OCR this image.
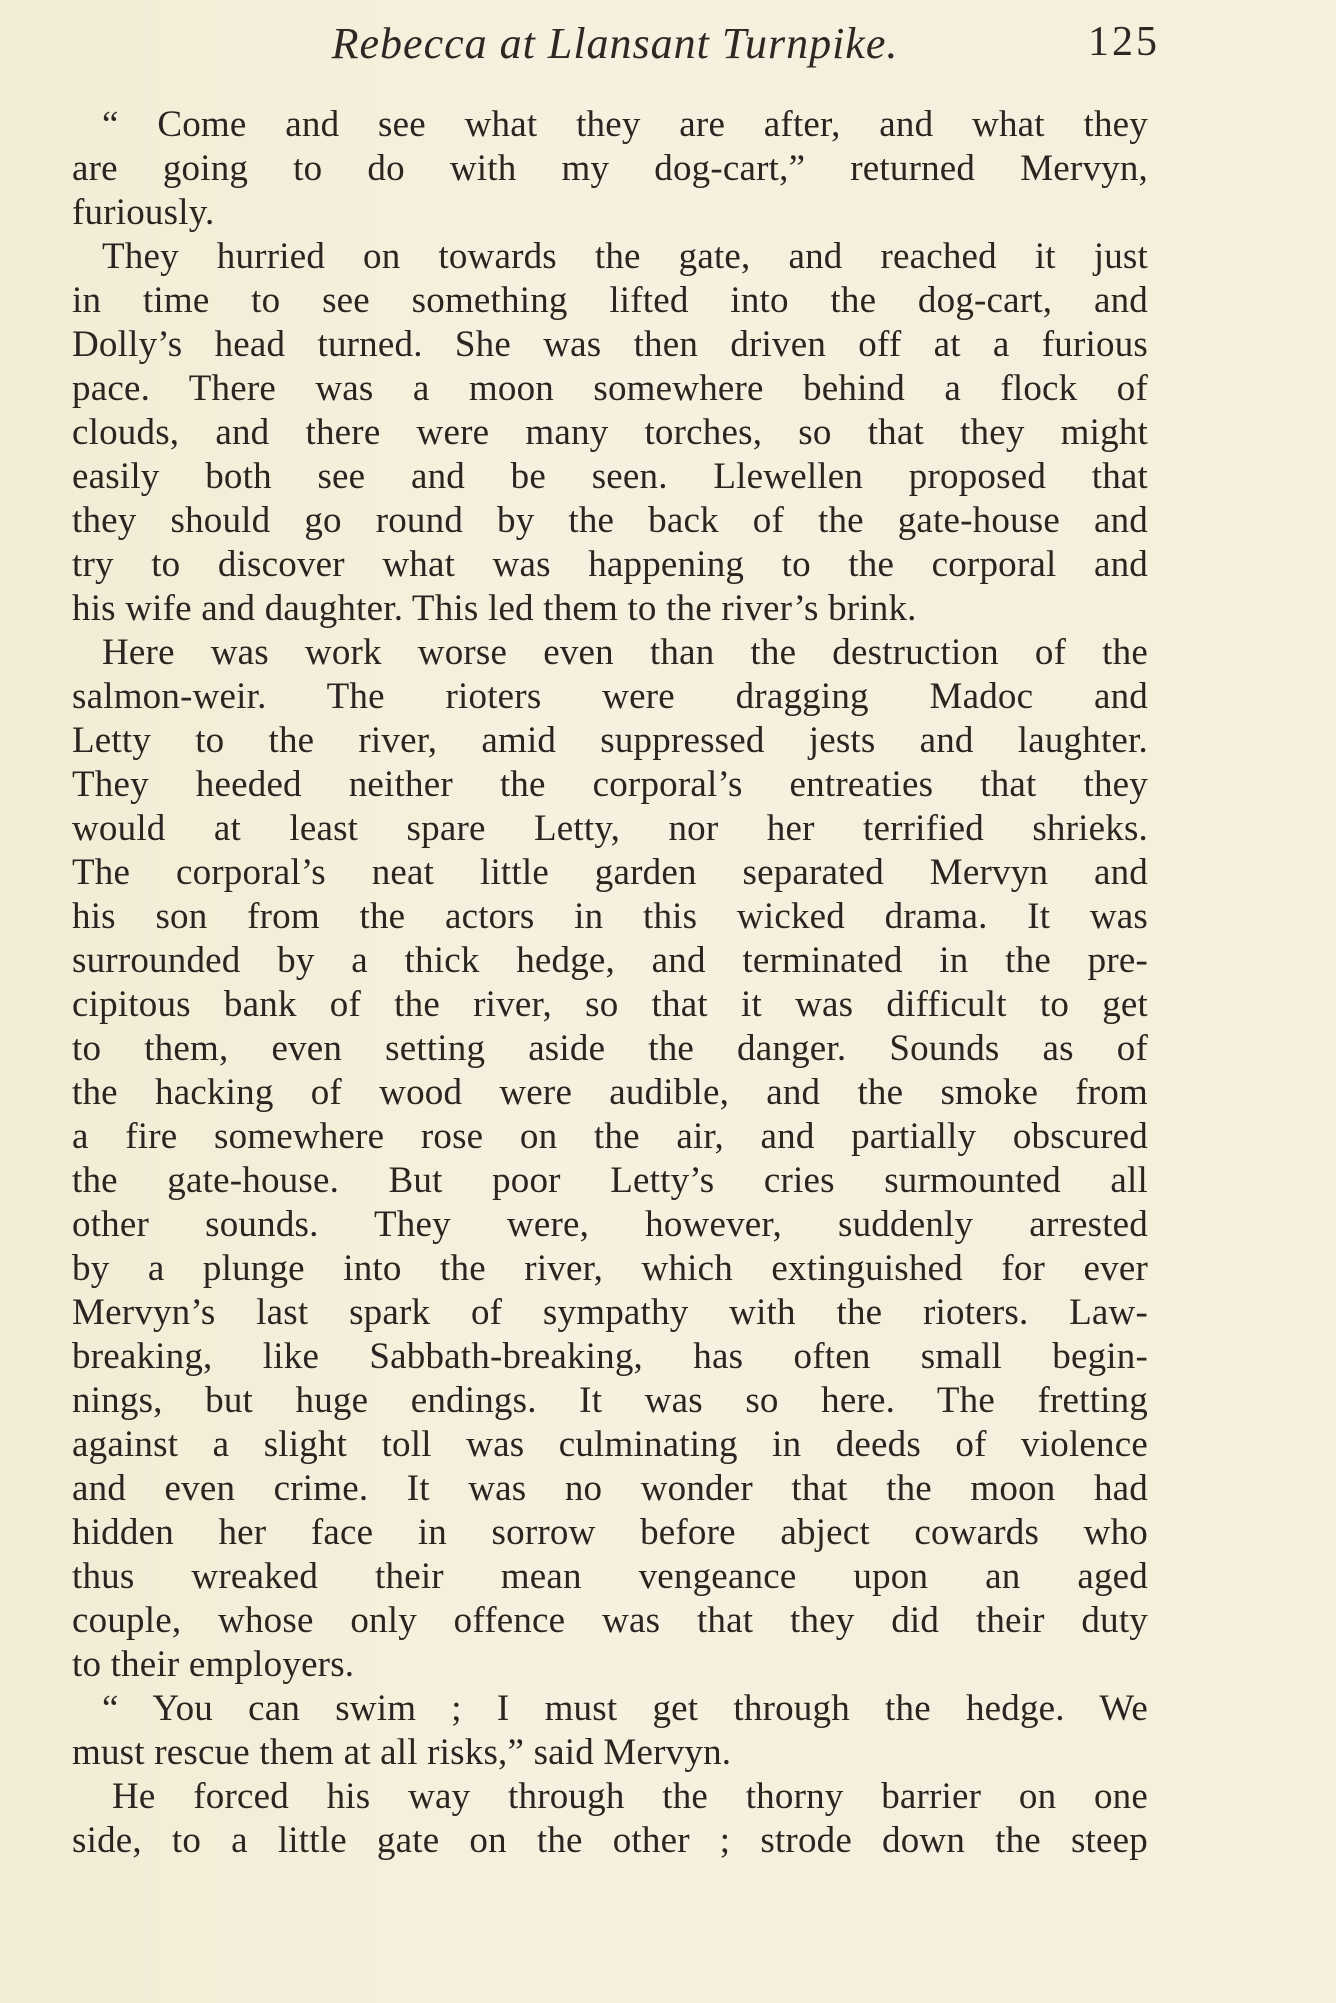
Rebecca at Llansant Turnpike.	125
“ Come and see what they are after, and what they
are going to do with my dog-cart,” returned Mervyn,
furiously.
They hurried on towards the gate, and reached it just
in time to see something lifted into the dog-cart, and
Dolly’s head turned. She was then driven off at a furious
pace. There was a moon somewhere behind a flock of
clouds, and there were many torches, so that they might
easily both see and be seen. Llewellen proposed that
they should go round by the back of the gate-house and
try to discover what was happening to the corporal and
his wife and daughter. This led them to the river’s brink.
Here was work worse even than the destruction of the
salmon-weir. The rioters were dragging Madoc and
Letty to the river, amid suppressed jests and laughter.
They heeded neither the corporal’s entreaties that they
would at least spare Letty, nor her terrified shrieks.
The corporal’s neat little garden separated Mervyn and
his son from the actors in this wicked drama. It was
surrounded by a thick hedge, and terminated in the pre-
cipitous bank of the river, so that it was difficult to get
to them, even setting aside the danger. Sounds as of
the hacking of wood were audible, and the smoke from
a fire somewhere rose on the air, and partially obscured
the gate-house. But poor Letty’s cries surmounted all
other sounds. They were, however, suddenly arrested
by a plunge into the river, which extinguished for ever
Mervyn’s last spark of sympathy with the rioters. Law-
breaking, like Sabbath-breaking, has often small begin-
nings, but huge endings. It was so here. The fretting
against a slight toll was culminating in deeds of violence
and even crime. It was no wonder that the moon had
hidden her face in sorrow before abject cowards who
thus wreaked their mean vengeance upon an aged
couple, whose only offence was that they did their duty
to their employers.
“ You can swim ; I must get through the hedge. We
must rescue them at all risks,” said Mervyn.
He forced his way through the thorny barrier on one
side, to a little gate on the other ; strode down the steep
